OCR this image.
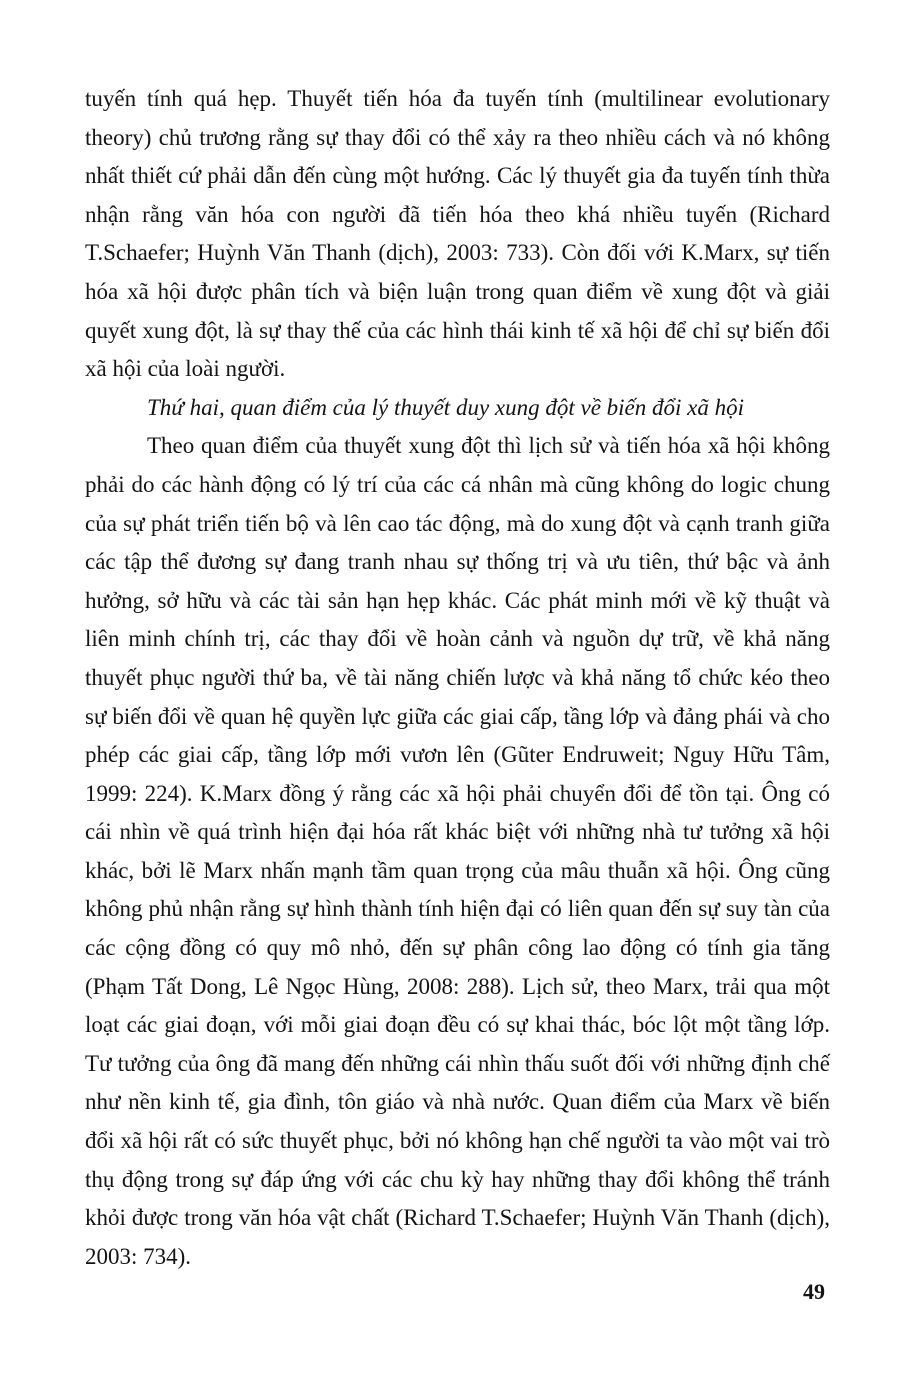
tuyến tính quá hẹp. Thuyết tiến hóa đa tuyến tính (multilinear evolutionary theory) chủ trương rằng sự thay đổi có thể xảy ra theo nhiều cách và nó không nhất thiết cứ phải dẫn đến cùng một hướng. Các lý thuyết gia đa tuyến tính thừa nhận rằng văn hóa con người đã tiến hóa theo khá nhiều tuyến (Richard T.Schaefer; Huỳnh Văn Thanh (dịch), 2003: 733). Còn đối với K.Marx, sự tiến hóa xã hội được phân tích và biện luận trong quan điểm về xung đột và giải quyết xung đột, là sự thay thế của các hình thái kinh tế xã hội để chỉ sự biến đổi xã hội của loài người.

Thứ hai, quan điểm của lý thuyết duy xung đột về biến đổi xã hội

Theo quan điểm của thuyết xung đột thì lịch sử và tiến hóa xã hội không phải do các hành động có lý trí của các cá nhân mà cũng không do logic chung của sự phát triển tiến bộ và lên cao tác động, mà do xung đột và cạnh tranh giữa các tập thể đương sự đang tranh nhau sự thống trị và ưu tiên, thứ bậc và ảnh hưởng, sở hữu và các tài sản hạn hẹp khác. Các phát minh mới về kỹ thuật và liên minh chính trị, các thay đổi về hoàn cảnh và nguồn dự trữ, về khả năng thuyết phục người thứ ba, về tài năng chiến lược và khả năng tổ chức kéo theo sự biến đổi về quan hệ quyền lực giữa các giai cấp, tầng lớp và đảng phái và cho phép các giai cấp, tầng lớp mới vươn lên (Gũter Endruweit; Nguy Hữu Tâm, 1999: 224). K.Marx đồng ý rằng các xã hội phải chuyển đổi để tồn tại. Ông có cái nhìn về quá trình hiện đại hóa rất khác biệt với những nhà tư tưởng xã hội khác, bởi lẽ Marx nhấn mạnh tầm quan trọng của mâu thuẫn xã hội. Ông cũng không phủ nhận rằng sự hình thành tính hiện đại có liên quan đến sự suy tàn của các cộng đồng có quy mô nhỏ, đến sự phân công lao động có tính gia tăng (Phạm Tất Dong, Lê Ngọc Hùng, 2008: 288). Lịch sử, theo Marx, trải qua một loạt các giai đoạn, với mỗi giai đoạn đều có sự khai thác, bóc lột một tầng lớp. Tư tưởng của ông đã mang đến những cái nhìn thấu suốt đối với những định chế như nền kinh tế, gia đình, tôn giáo và nhà nước. Quan điểm của Marx về biến đổi xã hội rất có sức thuyết phục, bởi nó không hạn chế người ta vào một vai trò thụ động trong sự đáp ứng với các chu kỳ hay những thay đổi không thể tránh khỏi được trong văn hóa vật chất (Richard T.Schaefer; Huỳnh Văn Thanh (dịch), 2003: 734).

49
